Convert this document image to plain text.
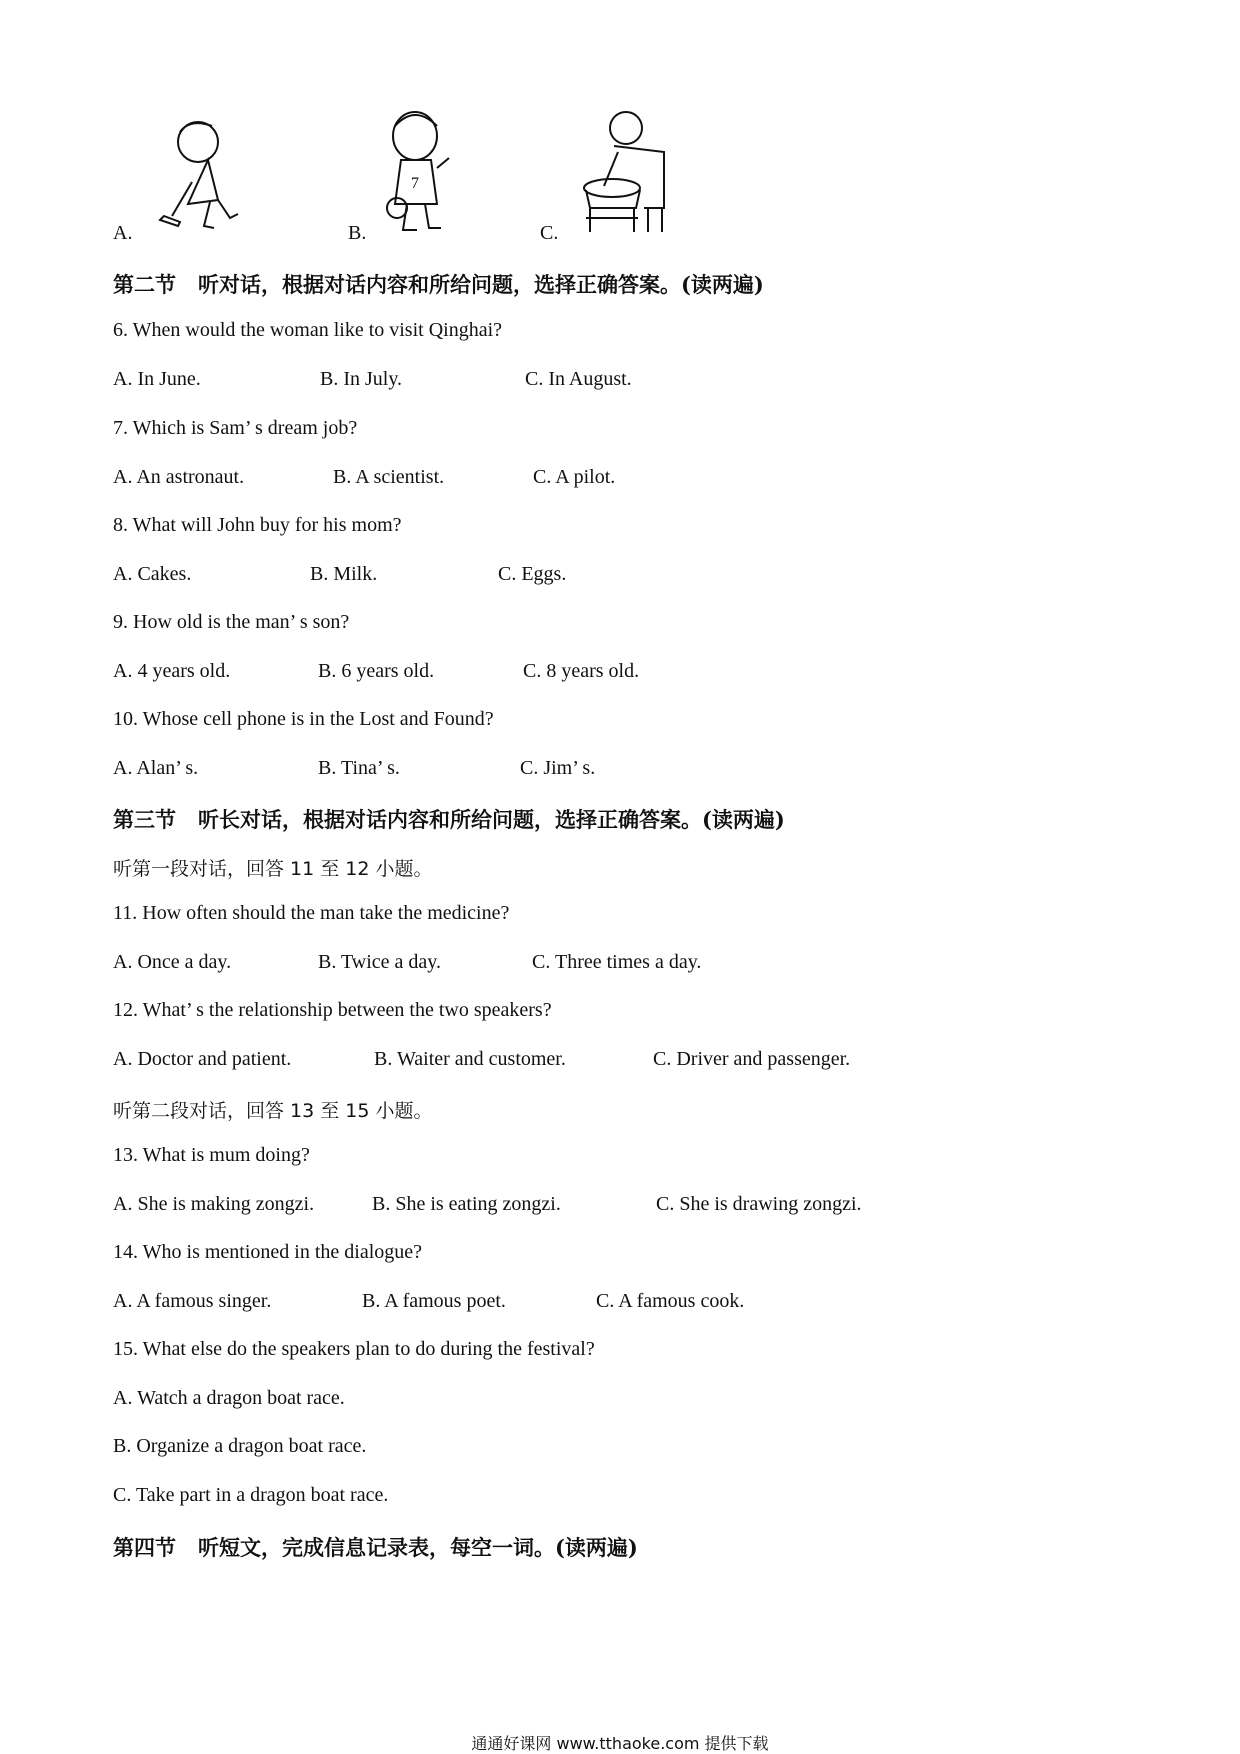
A.	B.
7
C.
第二节 听对话，根据对话内容和所给问题，选择正确答案。(读两遍)
6. When would the woman like to visit Qinghai?
A. In June.	B. In July.	C. In August.
7. Which is Sam’ s dream job?
A. An astronaut.	B. A scientist.	C. A pilot.
8. What will John buy for his mom?
A. Cakes.	B. Milk.	C. Eggs.
9. How old is the man’ s son?
A. 4 years old.	B. 6 years old.	C. 8 years old.
10. Whose cell phone is in the Lost and Found?
A. Alan’ s.	B. Tina’ s.	C. Jim’ s.
第三节 听长对话，根据对话内容和所给问题，选择正确答案。(读两遍)
听第一段对话，回答 11 至 12 小题。
11. How often should the man take the medicine?
A. Once a day.	B. Twice a day.	C. Three times a day.
12. What’ s the relationship between the two speakers?
A. Doctor and patient.	B. Waiter and customer.	C. Driver and passenger.
听第二段对话，回答 13 至 15 小题。
13. What is mum doing?
A. She is making zongzi.	B. She is eating zongzi.	C. She is drawing zongzi.
14. Who is mentioned in the dialogue?
A. A famous singer.	B. A famous poet.	C. A famous cook.
15. What else do the speakers plan to do during the festival?
A. Watch a dragon boat race.
B. Organize a dragon boat race.
C. Take part in a dragon boat race.
第四节 听短文，完成信息记录表，每空一词。(读两遍)
通通好课网 www.tthaoke.com 提供下载
